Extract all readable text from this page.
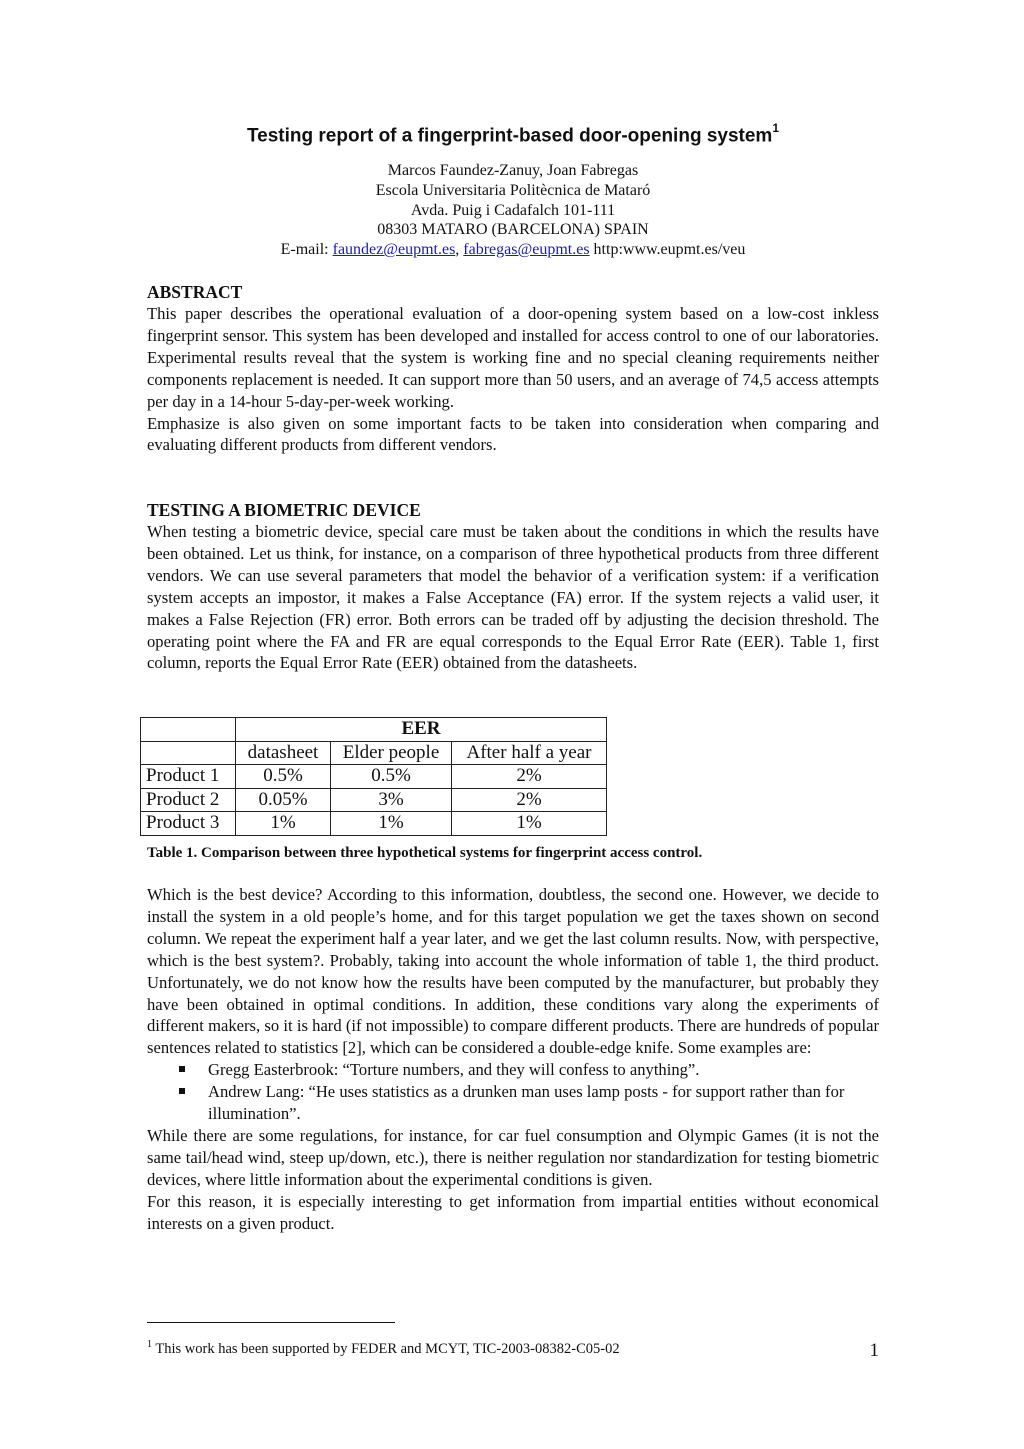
Testing report of a fingerprint-based door-opening system$^1$
Marcos Faundez-Zanuy, Joan Fabregas
Escola Universitaria Politècnica de Mataró
Avda. Puig i Cadafalch 101-111
08303 MATARO (BARCELONA) SPAIN
E-mail: faundez@eupmt.es, fabregas@eupmt.es http:www.eupmt.es/veu
ABSTRACT

This paper describes the operational evaluation of a door-opening system based on a low-cost inkless fingerprint sensor. This system has been developed and installed for access control to one of our laboratories. Experimental results reveal that the system is working fine and no special cleaning requirements neither components replacement is needed. It can support more than 50 users, and an average of 74,5 access attempts per day in a 14-hour 5-day-per-week working.

Emphasize is also given on some important facts to be taken into consideration when comparing and evaluating different products from different vendors.

TESTING A BIOMETRIC DEVICE

When testing a biometric device, special care must be taken about the conditions in which the results have been obtained. Let us think, for instance, on a comparison of three hypothetical products from three different vendors. We can use several parameters that model the behavior of a verification system: if a verification system accepts an impostor, it makes a False Acceptance (FA) error. If the system rejects a valid user, it makes a False Rejection (FR) error. Both errors can be traded off by adjusting the decision threshold. The operating point where the FA and FR are equal corresponds to the Equal Error Rate (EER). Table 1, first column, reports the Equal Error Rate (EER) obtained from the datasheets.

	EER		
	datasheet	Elder people	After half a year
Product 1	0.5%	0.5%	2%
Product 2	0.05%	3%	2%
Product 3	1%	1%	1%
Table 1. Comparison between three hypothetical systems for fingerprint access control.

Which is the best device? According to this information, doubtless, the second one. However, we decide to install the system in a old people’s home, and for this target population we get the taxes shown on second column. We repeat the experiment half a year later, and we get the last column results. Now, with perspective, which is the best system?. Probably, taking into account the whole information of table 1, the third product. Unfortunately, we do not know how the results have been computed by the manufacturer, but probably they have been obtained in optimal conditions. In addition, these conditions vary along the experiments of different makers, so it is hard (if not impossible) to compare different products. There are hundreds of popular sentences related to statistics [2], which can be considered a double-edge knife. Some examples are:

Gregg Easterbrook: “Torture numbers, and they will confess to anything”.
Andrew Lang: “He uses statistics as a drunken man uses lamp posts - for support rather than for illumination”.

While there are some regulations, for instance, for car fuel consumption and Olympic Games (it is not the same tail/head wind, steep up/down, etc.), there is neither regulation nor standardization for testing biometric devices, where little information about the experimental conditions is given.

For this reason, it is especially interesting to get information from impartial entities without economical interests on a given product.

$^1$ This work has been supported by FEDER and MCYT, TIC-2003-08382-C05-02	1
